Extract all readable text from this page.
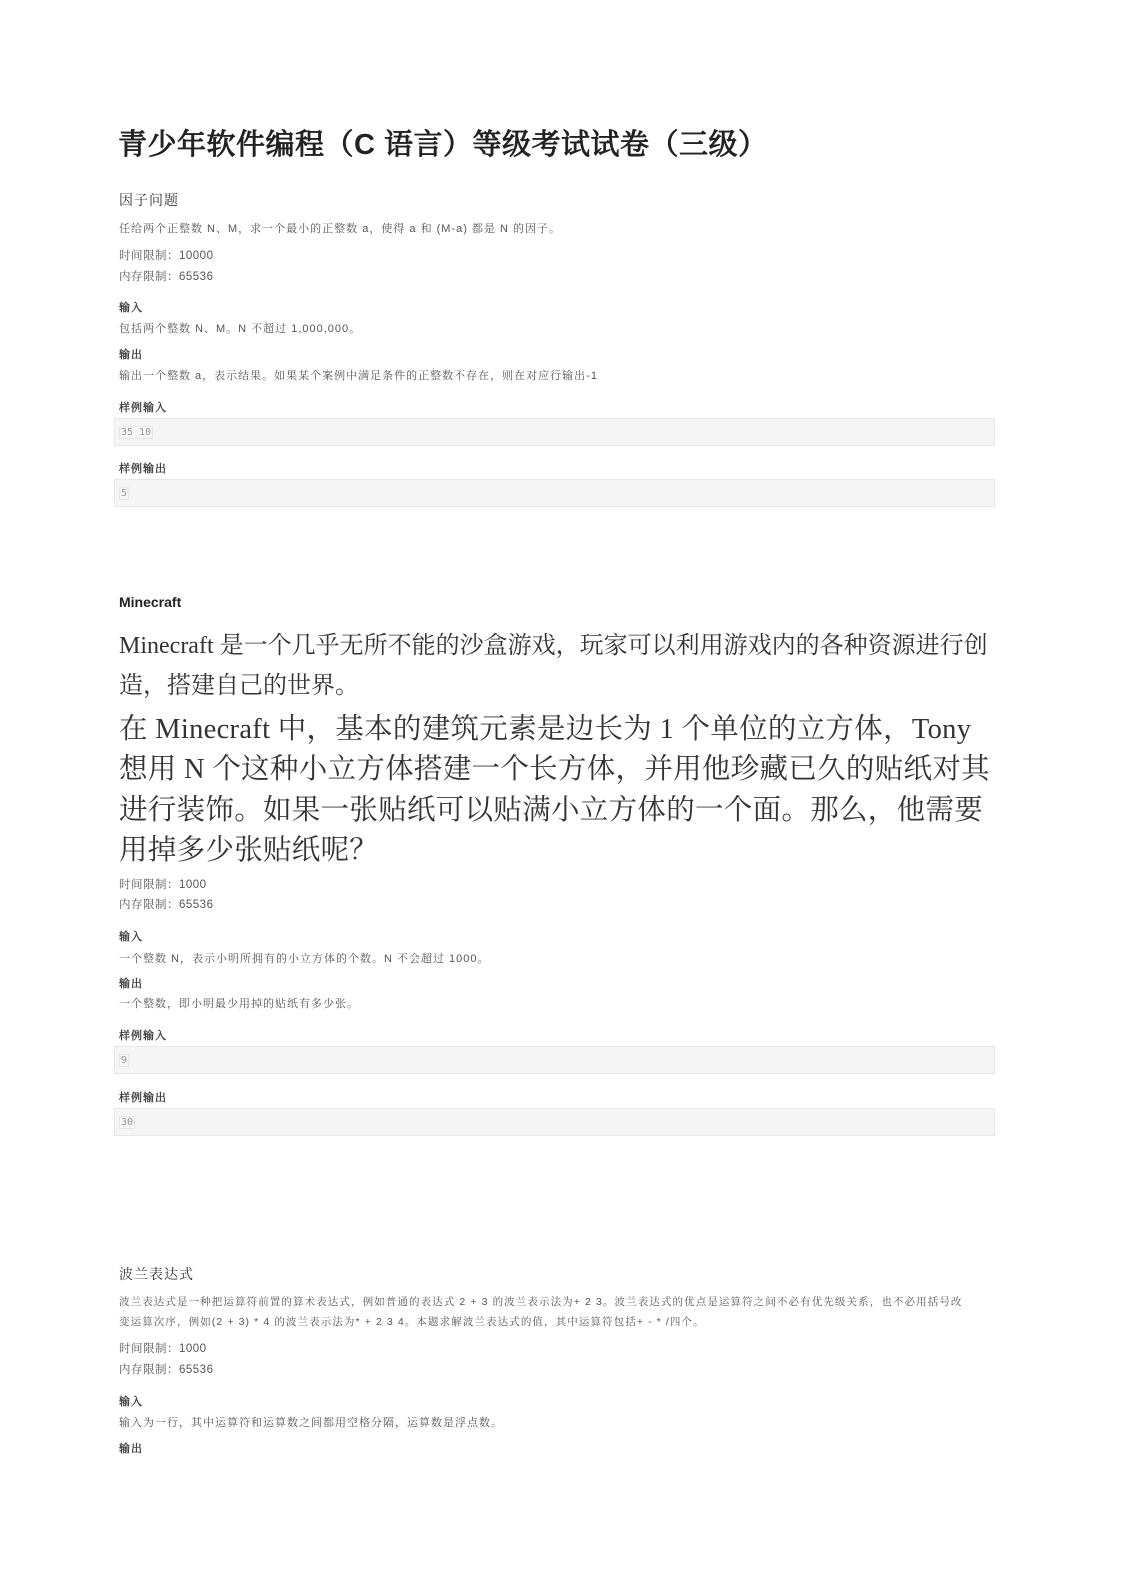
青少年软件编程（C 语言）等级考试试卷（三级）
因子问题
任给两个正整数 N、M，求一个最小的正整数 a，使得 a 和 (M-a) 都是 N 的因子。
时间限制：10000
内存限制：65536
输入
包括两个整数 N、M。N 不超过 1,000,000。
输出
输出一个整数 a，表示结果。如果某个案例中满足条件的正整数不存在，则在对应行输出-1
样例输入
35 10
样例输出
5
Minecraft
Minecraft 是一个几乎无所不能的沙盒游戏，玩家可以利用游戏内的各种资源进行创
造，搭建自己的世界。
在 Minecraft 中，基本的建筑元素是边长为 1 个单位的立方体，Tony
想用 N 个这种小立方体搭建一个长方体，并用他珍藏已久的贴纸对其
进行装饰。如果一张贴纸可以贴满小立方体的一个面。那么，他需要
用掉多少张贴纸呢？
时间限制：1000
内存限制：65536
输入
一个整数 N，表示小明所拥有的小立方体的个数。N 不会超过 1000。
输出
一个整数，即小明最少用掉的贴纸有多少张。
样例输入
9
样例输出
30
波兰表达式
波兰表达式是一种把运算符前置的算术表达式，例如普通的表达式 2 + 3 的波兰表示法为+ 2 3。波兰表达式的优点是运算符之间不必有优先级关系，也不必用括号改
变运算次序，例如(2 + 3) * 4 的波兰表示法为* + 2 3 4。本题求解波兰表达式的值，其中运算符包括+ - * /四个。
时间限制：1000
内存限制：65536
输入
输入为一行，其中运算符和运算数之间都用空格分隔，运算数是浮点数。
输出
